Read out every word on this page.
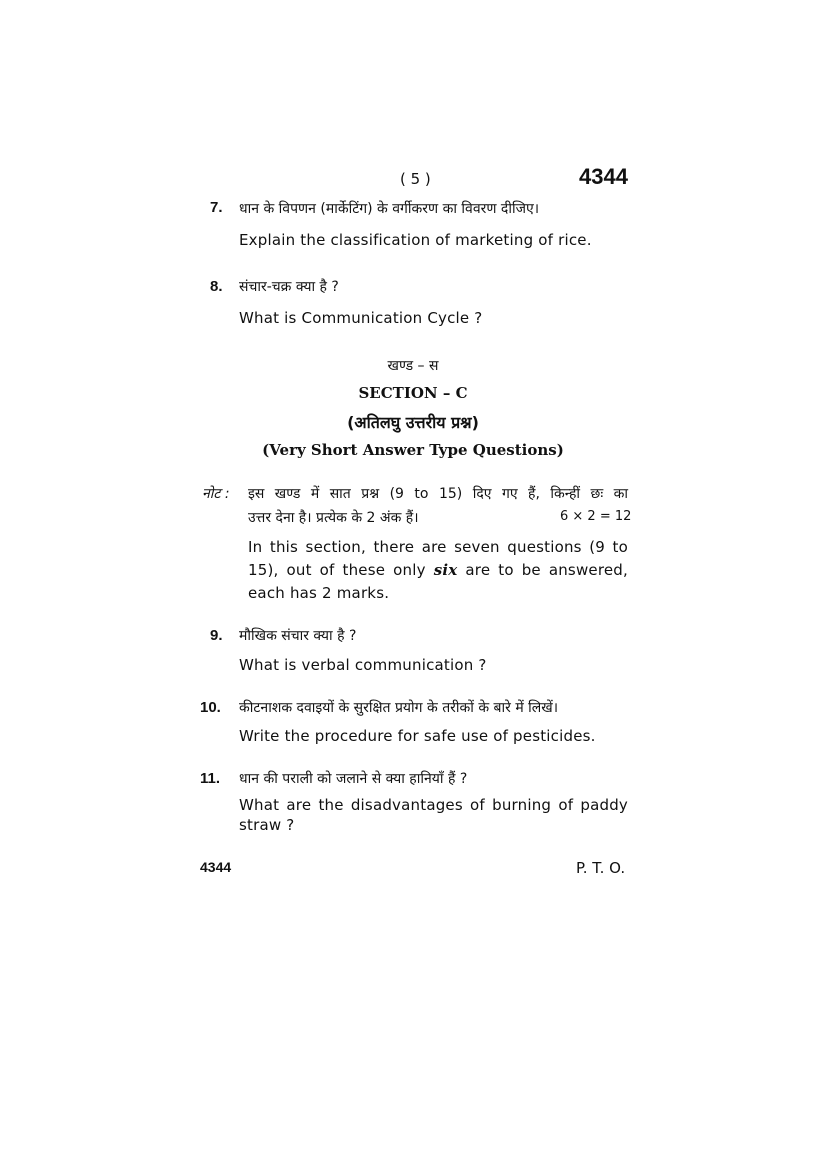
( 5 )	4344
7. धान के विपणन (मार्केटिंग) के वर्गीकरण का विवरण दीजिए।
Explain the classification of marketing of rice.
8. संचार-चक्र क्या है ?
What is Communication Cycle ?
खण्ड – स
SECTION – C
(अतिलघु उत्तरीय प्रश्न)
(Very Short Answer Type Questions)
नोट : इस खण्ड में सात प्रश्न (9 to 15) दिए गए हैं, किन्हीं छः का
उत्तर देना है। प्रत्येक के 2 अंक हैं।	6 × 2 = 12
In this section, there are seven questions (9 to
15), out of these only six are to be answered,
each has 2 marks.
9. मौखिक संचार क्या है ?
What is verbal communication ?
10. कीटनाशक दवाइयों के सुरक्षित प्रयोग के तरीकों के बारे में लिखें।
Write the procedure for safe use of pesticides.
11. धान की पराली को जलाने से क्या हानियाँ हैं ?
What are the disadvantages of burning of paddy
straw ?
4344	P. T. O.
